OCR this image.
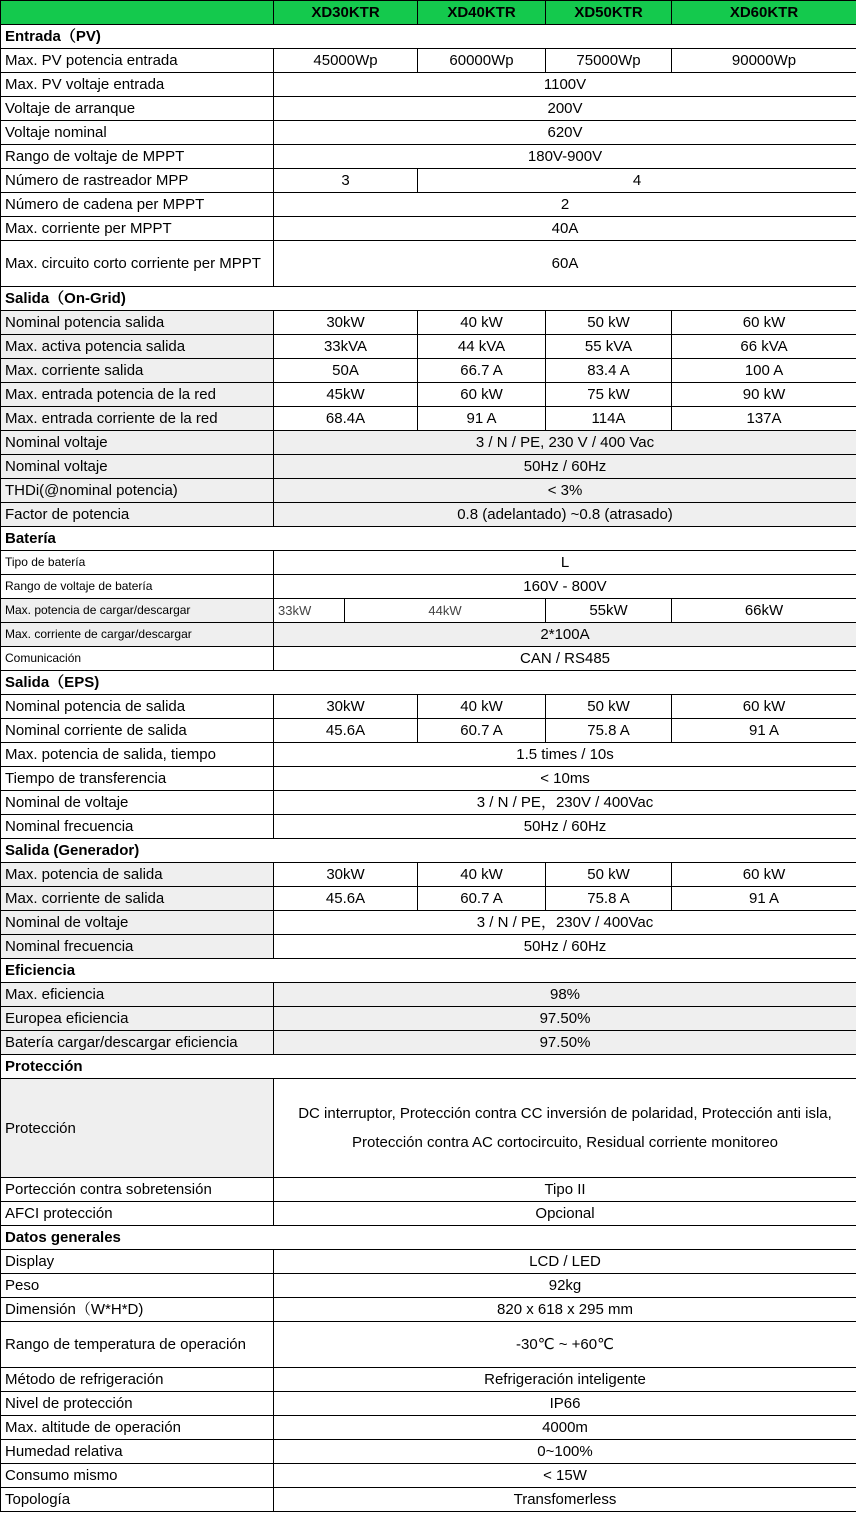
	XD30KTR		XD40KTR	XD50KTR	XD60KTR
Entrada（PV)					
Max. PV potencia entrada	45000Wp		60000Wp	75000Wp	90000Wp
Max. PV voltaje entrada	1100V				
Voltaje de arranque	200V				
Voltaje nominal	620V				
Rango de voltaje de MPPT	180V-900V				
Número de rastreador MPP	3		4		
Número de cadena per MPPT	2				
Max. corriente per MPPT	40A				
Max. circuito corto corriente per MPPT	60A				
Salida（On-Grid)					
Nominal potencia salida	30kW		40 kW	50 kW	60 kW
Max. activa potencia salida	33kVA		44 kVA	55 kVA	66 kVA
Max. corriente salida	50A		66.7 A	83.4 A	100 A
Max. entrada potencia de la red	45kW		60 kW	75 kW	90 kW
Max. entrada corriente de la red	68.4A		91 A	114A	137A
Nominal voltaje	3 / N / PE, 230 V / 400 Vac				
Nominal voltaje	50Hz / 60Hz				
THDi(@nominal potencia)	< 3%				
Factor de potencia	0.8 (adelantado) ~0.8 (atrasado)				
Batería					
Tipo de batería	L				
Rango de voltaje de batería	160V - 800V				
Max. potencia de cargar/descargar	33kW	44kW		55kW	66kW
Max. corriente de cargar/descargar	2*100A				
Comunicación	CAN / RS485				
Salida（EPS)					
Nominal potencia de salida	30kW		40 kW	50 kW	60 kW
Nominal corriente de salida	45.6A		60.7 A	75.8 A	91 A
Max. potencia de salida, tiempo	1.5 times / 10s				
Tiempo de transferencia	< 10ms				
Nominal de voltaje	3 / N / PE，230V / 400Vac				
Nominal frecuencia	50Hz / 60Hz				
Salida (Generador)					
Max. potencia de salida	30kW		40 kW	50 kW	60 kW
Max. corriente de salida	45.6A		60.7 A	75.8 A	91 A
Nominal de voltaje	3 / N / PE，230V / 400Vac				
Nominal frecuencia	50Hz / 60Hz				
Eficiencia					
Max. eficiencia	98%				
Europea eficiencia	97.50%				
Batería cargar/descargar eficiencia	97.50%				
Protección					
Protección	DC interruptor, Protección contra CC inversión de polaridad, Protección anti isla, Protección contra AC cortocircuito, Residual corriente monitoreo				
Portección contra sobretensión	Tipo II				
AFCI protección	Opcional				
Datos generales					
Display	LCD / LED				
Peso	92kg				
Dimensión（W*H*D)	820 x 618 x 295 mm				
Rango de temperatura de operación	-30℃ ~ +60℃				
Método de refrigeración	Refrigeración inteligente				
Nivel de protección	IP66				
Max. altitude de operación	4000m				
Humedad relativa	0~100%				
Consumo mismo	< 15W				
Topología	Transfomerless				
